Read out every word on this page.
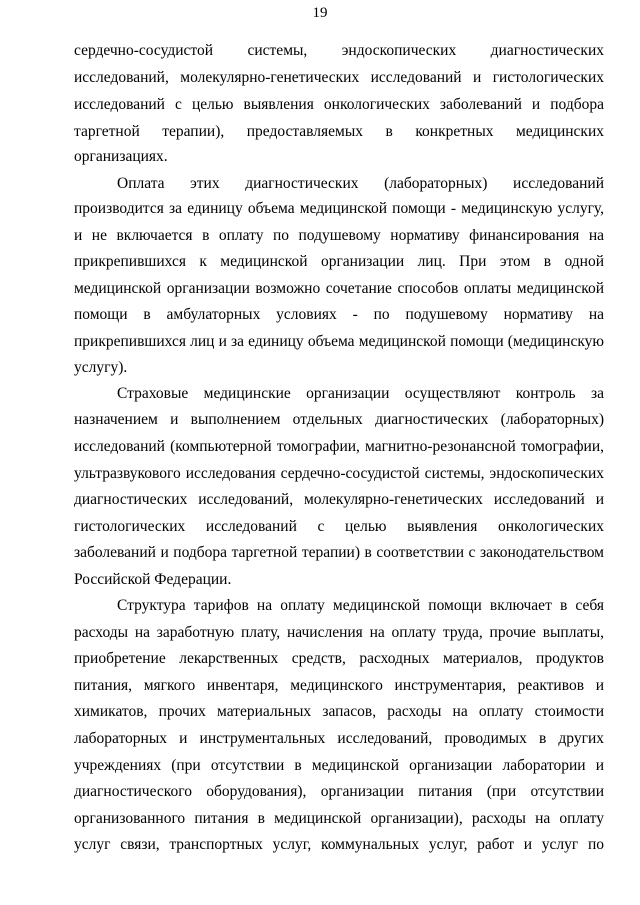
19
сердечно-сосудистой системы, эндоскопических диагностических
исследований, молекулярно-генетических исследований и гистологических
исследований с целью выявления онкологических заболеваний и подбора
таргетной терапии), предоставляемых в конкретных медицинских
организациях.
Оплата этих диагностических (лабораторных) исследований
производится за единицу объема медицинской помощи - медицинскую услугу,
и не включается в оплату по подушевому нормативу финансирования на
прикрепившихся к медицинской организации лиц. При этом в одной
медицинской организации возможно сочетание способов оплаты медицинской
помощи в амбулаторных условиях - по подушевому нормативу на
прикрепившихся лиц и за единицу объема медицинской помощи (медицинскую
услугу).
Страховые медицинские организации осуществляют контроль за
назначением и выполнением отдельных диагностических (лабораторных)
исследований (компьютерной томографии, магнитно-резонансной томографии,
ультразвукового исследования сердечно-сосудистой системы, эндоскопических
диагностических исследований, молекулярно-генетических исследований и
гистологических исследований с целью выявления онкологических
заболеваний и подбора таргетной терапии) в соответствии с законодательством
Российской Федерации.
Структура тарифов на оплату медицинской помощи включает в себя
расходы на заработную плату, начисления на оплату труда, прочие выплаты,
приобретение лекарственных средств, расходных материалов, продуктов
питания, мягкого инвентаря, медицинского инструментария, реактивов и
химикатов, прочих материальных запасов, расходы на оплату стоимости
лабораторных и инструментальных исследований, проводимых в других
учреждениях (при отсутствии в медицинской организации лаборатории и
диагностического оборудования), организации питания (при отсутствии
организованного питания в медицинской организации), расходы на оплату
услуг связи, транспортных услуг, коммунальных услуг, работ и услуг по
